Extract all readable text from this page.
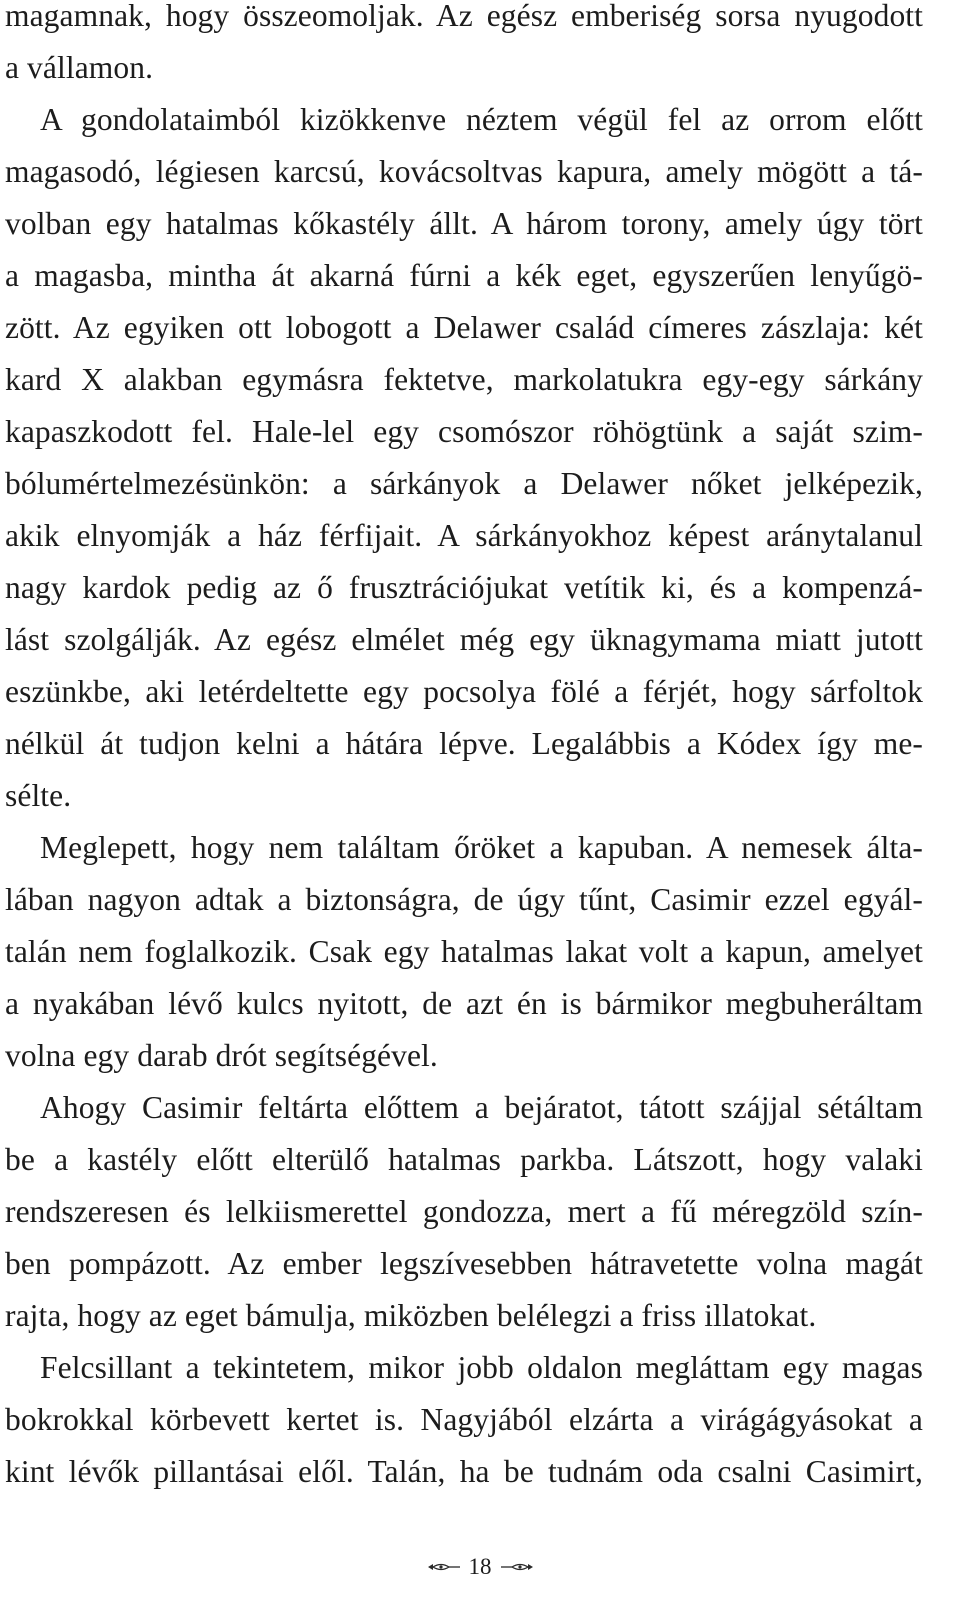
magamnak, hogy összeomoljak. Az egész emberiség sorsa nyugodott
a vállamon.
A gondolataimból kizökkenve néztem végül fel az orrom előtt
magasodó, légiesen karcsú, kovácsoltvas kapura, amely mögött a tá-
volban egy hatalmas kőkastély állt. A három torony, amely úgy tört
a magasba, mintha át akarná fúrni a kék eget, egyszerűen lenyűgö-
zött. Az egyiken ott lobogott a Delawer család címeres zászlaja: két
kard X alakban egymásra fektetve, markolatukra egy-egy sárkány
kapaszkodott fel. Hale-lel egy csomószor röhögtünk a saját szim-
bólumértelmezésünkön: a sárkányok a Delawer nőket jelképezik,
akik elnyomják a ház férfijait. A sárkányokhoz képest aránytalanul
nagy kardok pedig az ő frusztrációjukat vetítik ki, és a kompenzá-
lást szolgálják. Az egész elmélet még egy üknagymama miatt jutott
eszünkbe, aki letérdeltette egy pocsolya fölé a férjét, hogy sárfoltok
nélkül át tudjon kelni a hátára lépve. Legalábbis a Kódex így me-
sélte.
Meglepett, hogy nem találtam őröket a kapuban. A nemesek álta-
lában nagyon adtak a biztonságra, de úgy tűnt, Casimir ezzel egyál-
talán nem foglalkozik. Csak egy hatalmas lakat volt a kapun, amelyet
a nyakában lévő kulcs nyitott, de azt én is bármikor megbuheráltam
volna egy darab drót segítségével.
Ahogy Casimir feltárta előttem a bejáratot, tátott szájjal sétáltam
be a kastély előtt elterülő hatalmas parkba. Látszott, hogy valaki
rendszeresen és lelkiismerettel gondozza, mert a fű méregzöld szín-
ben pompázott. Az ember legszívesebben hátravetette volna magát
rajta, hogy az eget bámulja, miközben belélegzi a friss illatokat.
Felcsillant a tekintetem, mikor jobb oldalon megláttam egy magas
bokrokkal körbevett kertet is. Nagyjából elzárta a virágágyásokat a
kint lévők pillantásai elől. Talán, ha be tudnám oda csalni Casimirt,
18
